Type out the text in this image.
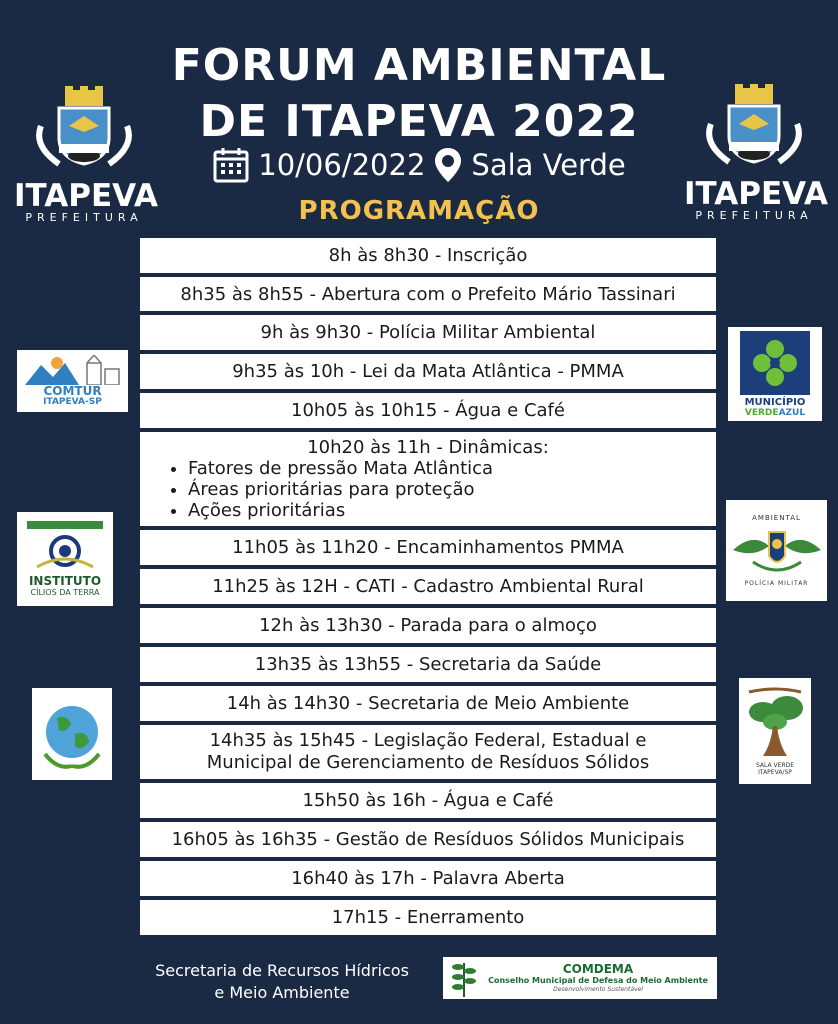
FORUM AMBIENTAL
DE ITAPEVA 2022
10/06/2022 Sala Verde
PROGRAMAÇÃO
ITAPEVA
PREFEITURA
ITAPEVA
PREFEITURA
8h às 8h30 - Inscrição
8h35 às 8h55 - Abertura com o Prefeito Mário Tassinari
9h às 9h30 - Polícia Militar Ambiental
9h35 às 10h - Lei da Mata Atlântica - PMMA
10h05 às 10h15 - Água e Café
10h20 às 11h - Dinâmicas:
• Fatores de pressão Mata Atlântica
• Áreas prioritárias para proteção
• Ações prioritárias
11h05 às 11h20 - Encaminhamentos PMMA
11h25 às 12H - CATI - Cadastro Ambiental Rural
12h às 13h30 - Parada para o almoço
13h35 às 13h55 - Secretaria da Saúde
14h às 14h30 - Secretaria de Meio Ambiente
14h35 às 15h45 - Legislação Federal, Estadual e
Municipal de Gerenciamento de Resíduos Sólidos
15h50 às 16h - Água e Café
16h05 às 16h35 - Gestão de Resíduos Sólidos Municipais
16h40 às 17h - Palavra Aberta
17h15 - Enerramento
COMTUR
ITAPEVA-SP
INSTITUTO
CÍLIOS DA TERRA
MUNICÍPIO
VERDEAZUL
AMBIENTAL
POLÍCIA MILITAR
SALA VERDE
ITAPEVA/SP
Secretaria de Recursos Hídricos
e Meio Ambiente
COMDEMA
Conselho Municipal de Defesa do Meio Ambiente
Desenvolvimento Sustentável
